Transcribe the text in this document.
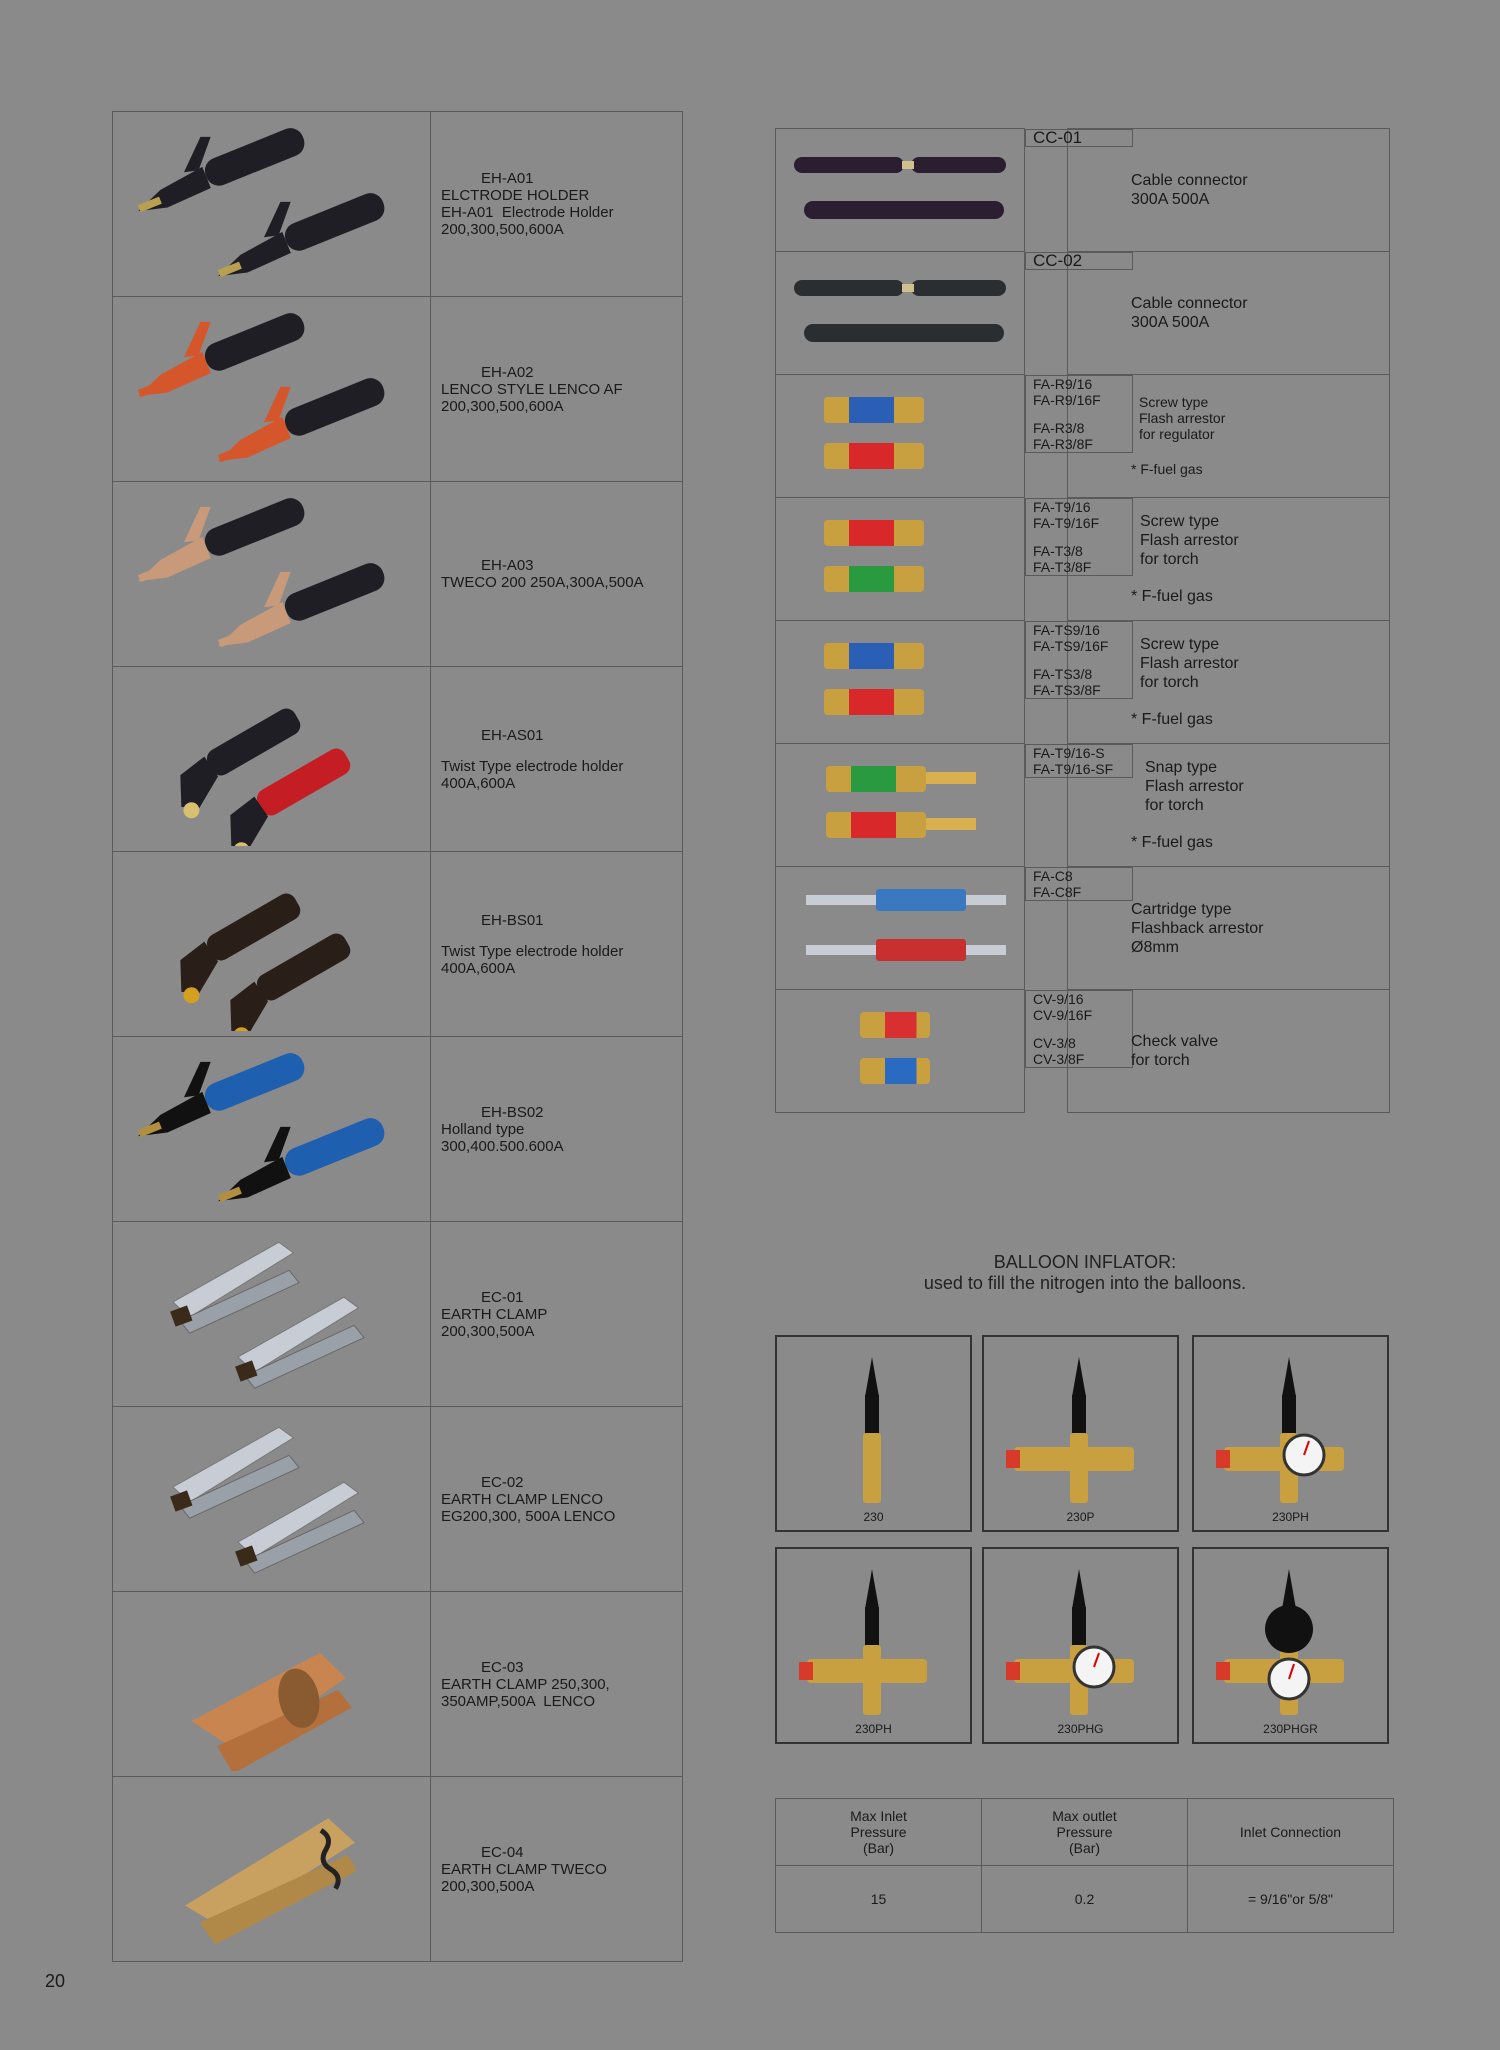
EH-A01
ELCTRODE HOLDER
EH-A01  Electrode Holder
200,300,500,600A

EH-A02
LENCO STYLE LENCO AF
200,300,500,600A

EH-A03
TWECO 200 250A,300A,500A

EH-AS01
Twist Type electrode holder
400A,600A

EH-BS01
Twist Type electrode holder
400A,600A

EH-BS02
Holland type
300,400.500.600A

EC-01
EARTH CLAMP
200,300,500A

EC-02
EARTH CLAMP LENCO
EG200,300, 500A LENCO

EC-03
EARTH CLAMP 250,300,
350AMP,500A  LENCO

EC-04
EARTH CLAMP TWECO
200,300,500A

CC-01
Cable connector
300A 500A

CC-02
Cable connector
300A 500A

FA-R9/16
FA-R9/16F
FA-R3/8
FA-R3/8F
Screw type
Flash arrestor
for regulator
* F-fuel gas

FA-T9/16
FA-T9/16F
FA-T3/8
FA-T3/8F
Screw type
Flash arrestor
for torch
* F-fuel gas

FA-TS9/16
FA-TS9/16F
FA-TS3/8
FA-TS3/8F
Screw type
Flash arrestor
for torch
* F-fuel gas

FA-T9/16-S
FA-T9/16-SF	Snap type
Flash arrestor
for torch
* F-fuel gas

FA-C8
FA-C8F
Cartridge type
Flashback arrestor
Ø8mm

CV-9/16
CV-9/16F
CV-3/8
CV-3/8F
Check valve
for torch
BALLOON INFLATOR:
used to fill the nitrogen into the balloons.
230	230P	230PH
230PH	230PHG	230PHGR
Max Inlet
Pressure
(Bar)	Max outlet
Pressure
(Bar)	Inlet Connection
15	0.2	= 9/16"or 5/8"
20
